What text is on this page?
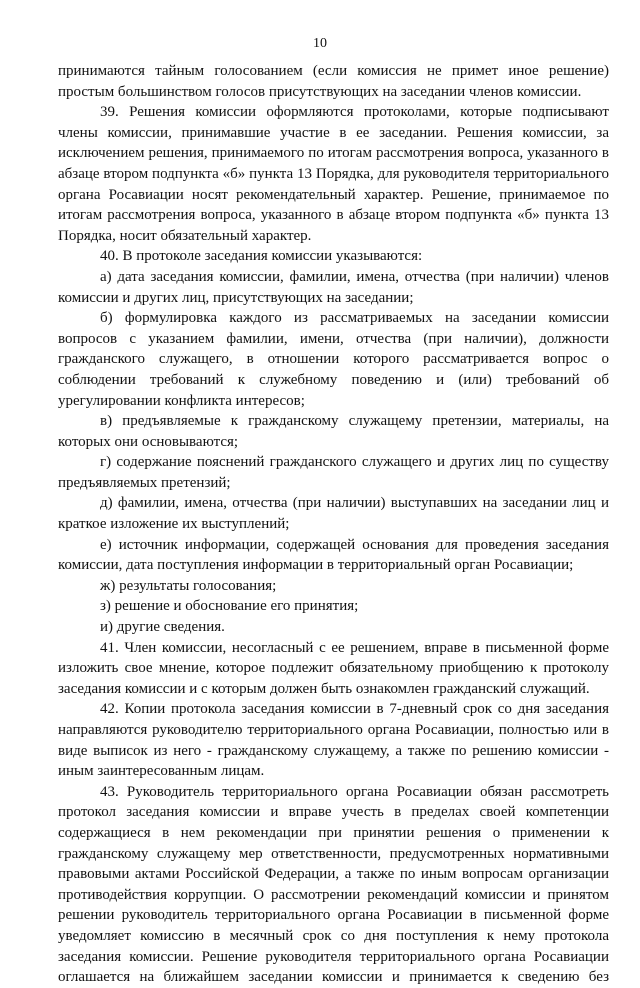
10

принимаются тайным голосованием (если комиссия не примет иное решение) простым большинством голосов присутствующих на заседании членов комиссии.

39. Решения комиссии оформляются протоколами, которые подписывают члены комиссии, принимавшие участие в ее заседании. Решения комиссии, за исключением решения, принимаемого по итогам рассмотрения вопроса, указанного в абзаце втором подпункта «б» пункта 13 Порядка, для руководителя территориального органа Росавиации носят рекомендательный характер. Решение, принимаемое по итогам рассмотрения вопроса, указанного в абзаце втором подпункта «б» пункта 13 Порядка, носит обязательный характер.

40. В протоколе заседания комиссии указываются:

а) дата заседания комиссии, фамилии, имена, отчества (при наличии) членов комиссии и других лиц, присутствующих на заседании;

б) формулировка каждого из рассматриваемых на заседании комиссии вопросов с указанием фамилии, имени, отчества (при наличии), должности гражданского служащего, в отношении которого рассматривается вопрос о соблюдении требований к служебному поведению и (или) требований об урегулировании конфликта интересов;

в) предъявляемые к гражданскому служащему претензии, материалы, на которых они основываются;

г) содержание пояснений гражданского служащего и других лиц по существу предъявляемых претензий;

д) фамилии, имена, отчества (при наличии) выступавших на заседании лиц и краткое изложение их выступлений;

е) источник информации, содержащей основания для проведения заседания комиссии, дата поступления информации в территориальный орган Росавиации;

ж) результаты голосования;

з) решение и обоснование его принятия;

и) другие сведения.

41. Член комиссии, несогласный с ее решением, вправе в письменной форме изложить свое мнение, которое подлежит обязательному приобщению к протоколу заседания комиссии и с которым должен быть ознакомлен гражданский служащий.

42. Копии протокола заседания комиссии в 7-дневный срок со дня заседания направляются руководителю территориального органа Росавиации, полностью или в виде выписок из него - гражданскому служащему, а также по решению комиссии - иным заинтересованным лицам.

43. Руководитель территориального органа Росавиации обязан рассмотреть протокол заседания комиссии и вправе учесть в пределах своей компетенции содержащиеся в нем рекомендации при принятии решения о применении к гражданскому служащему мер ответственности, предусмотренных нормативными правовыми актами Российской Федерации, а также по иным вопросам организации противодействия коррупции. О рассмотрении рекомендаций комиссии и принятом решении руководитель территориального органа Росавиации в письменной форме уведомляет комиссию в месячный срок со дня поступления к нему протокола заседания комиссии. Решение руководителя территориального органа Росавиации оглашается на ближайшем заседании комиссии и принимается к сведению без
